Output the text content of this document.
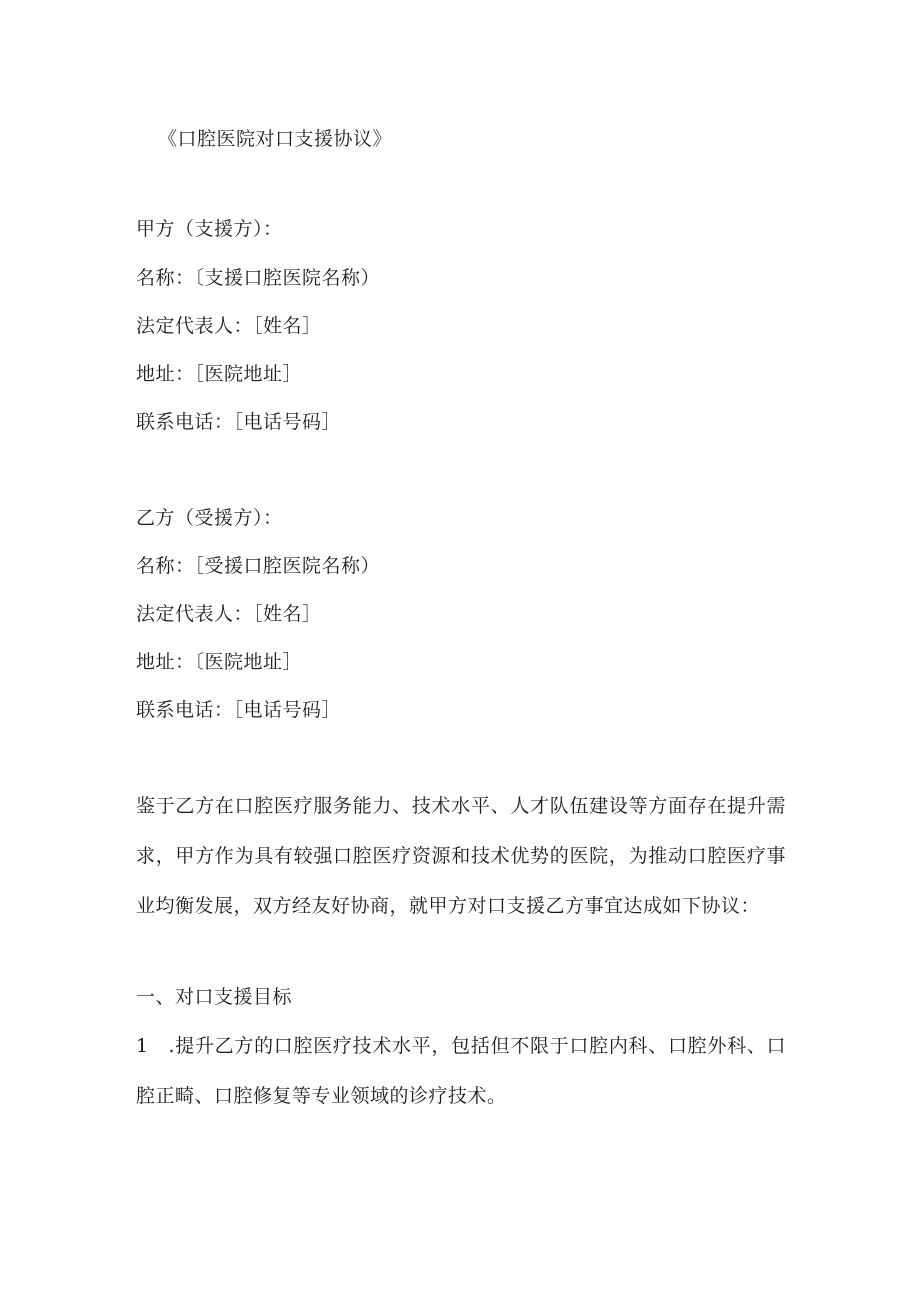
《口腔医院对口支援协议》
甲方（支援方）：
名称：〔支援口腔医院名称）
法定代表人：［姓名］
地址：［医院地址］
联系电话：［电话号码］
乙方（受援方）：
名称：［受援口腔医院名称）
法定代表人：［姓名］
地址：〔医院地址］
联系电话：［电话号码］
鉴于乙方在口腔医疗服务能力、技术水平、人才队伍建设等方面存在提升需求，甲方作为具有较强口腔医疗资源和技术优势的医院，为推动口腔医疗事业均衡发展，双方经友好协商，就甲方对口支援乙方事宜达成如下协议：
一、对口支援目标
1　.提升乙方的口腔医疗技术水平，包括但不限于口腔内科、口腔外科、口腔正畸、口腔修复等专业领域的诊疗技术。
